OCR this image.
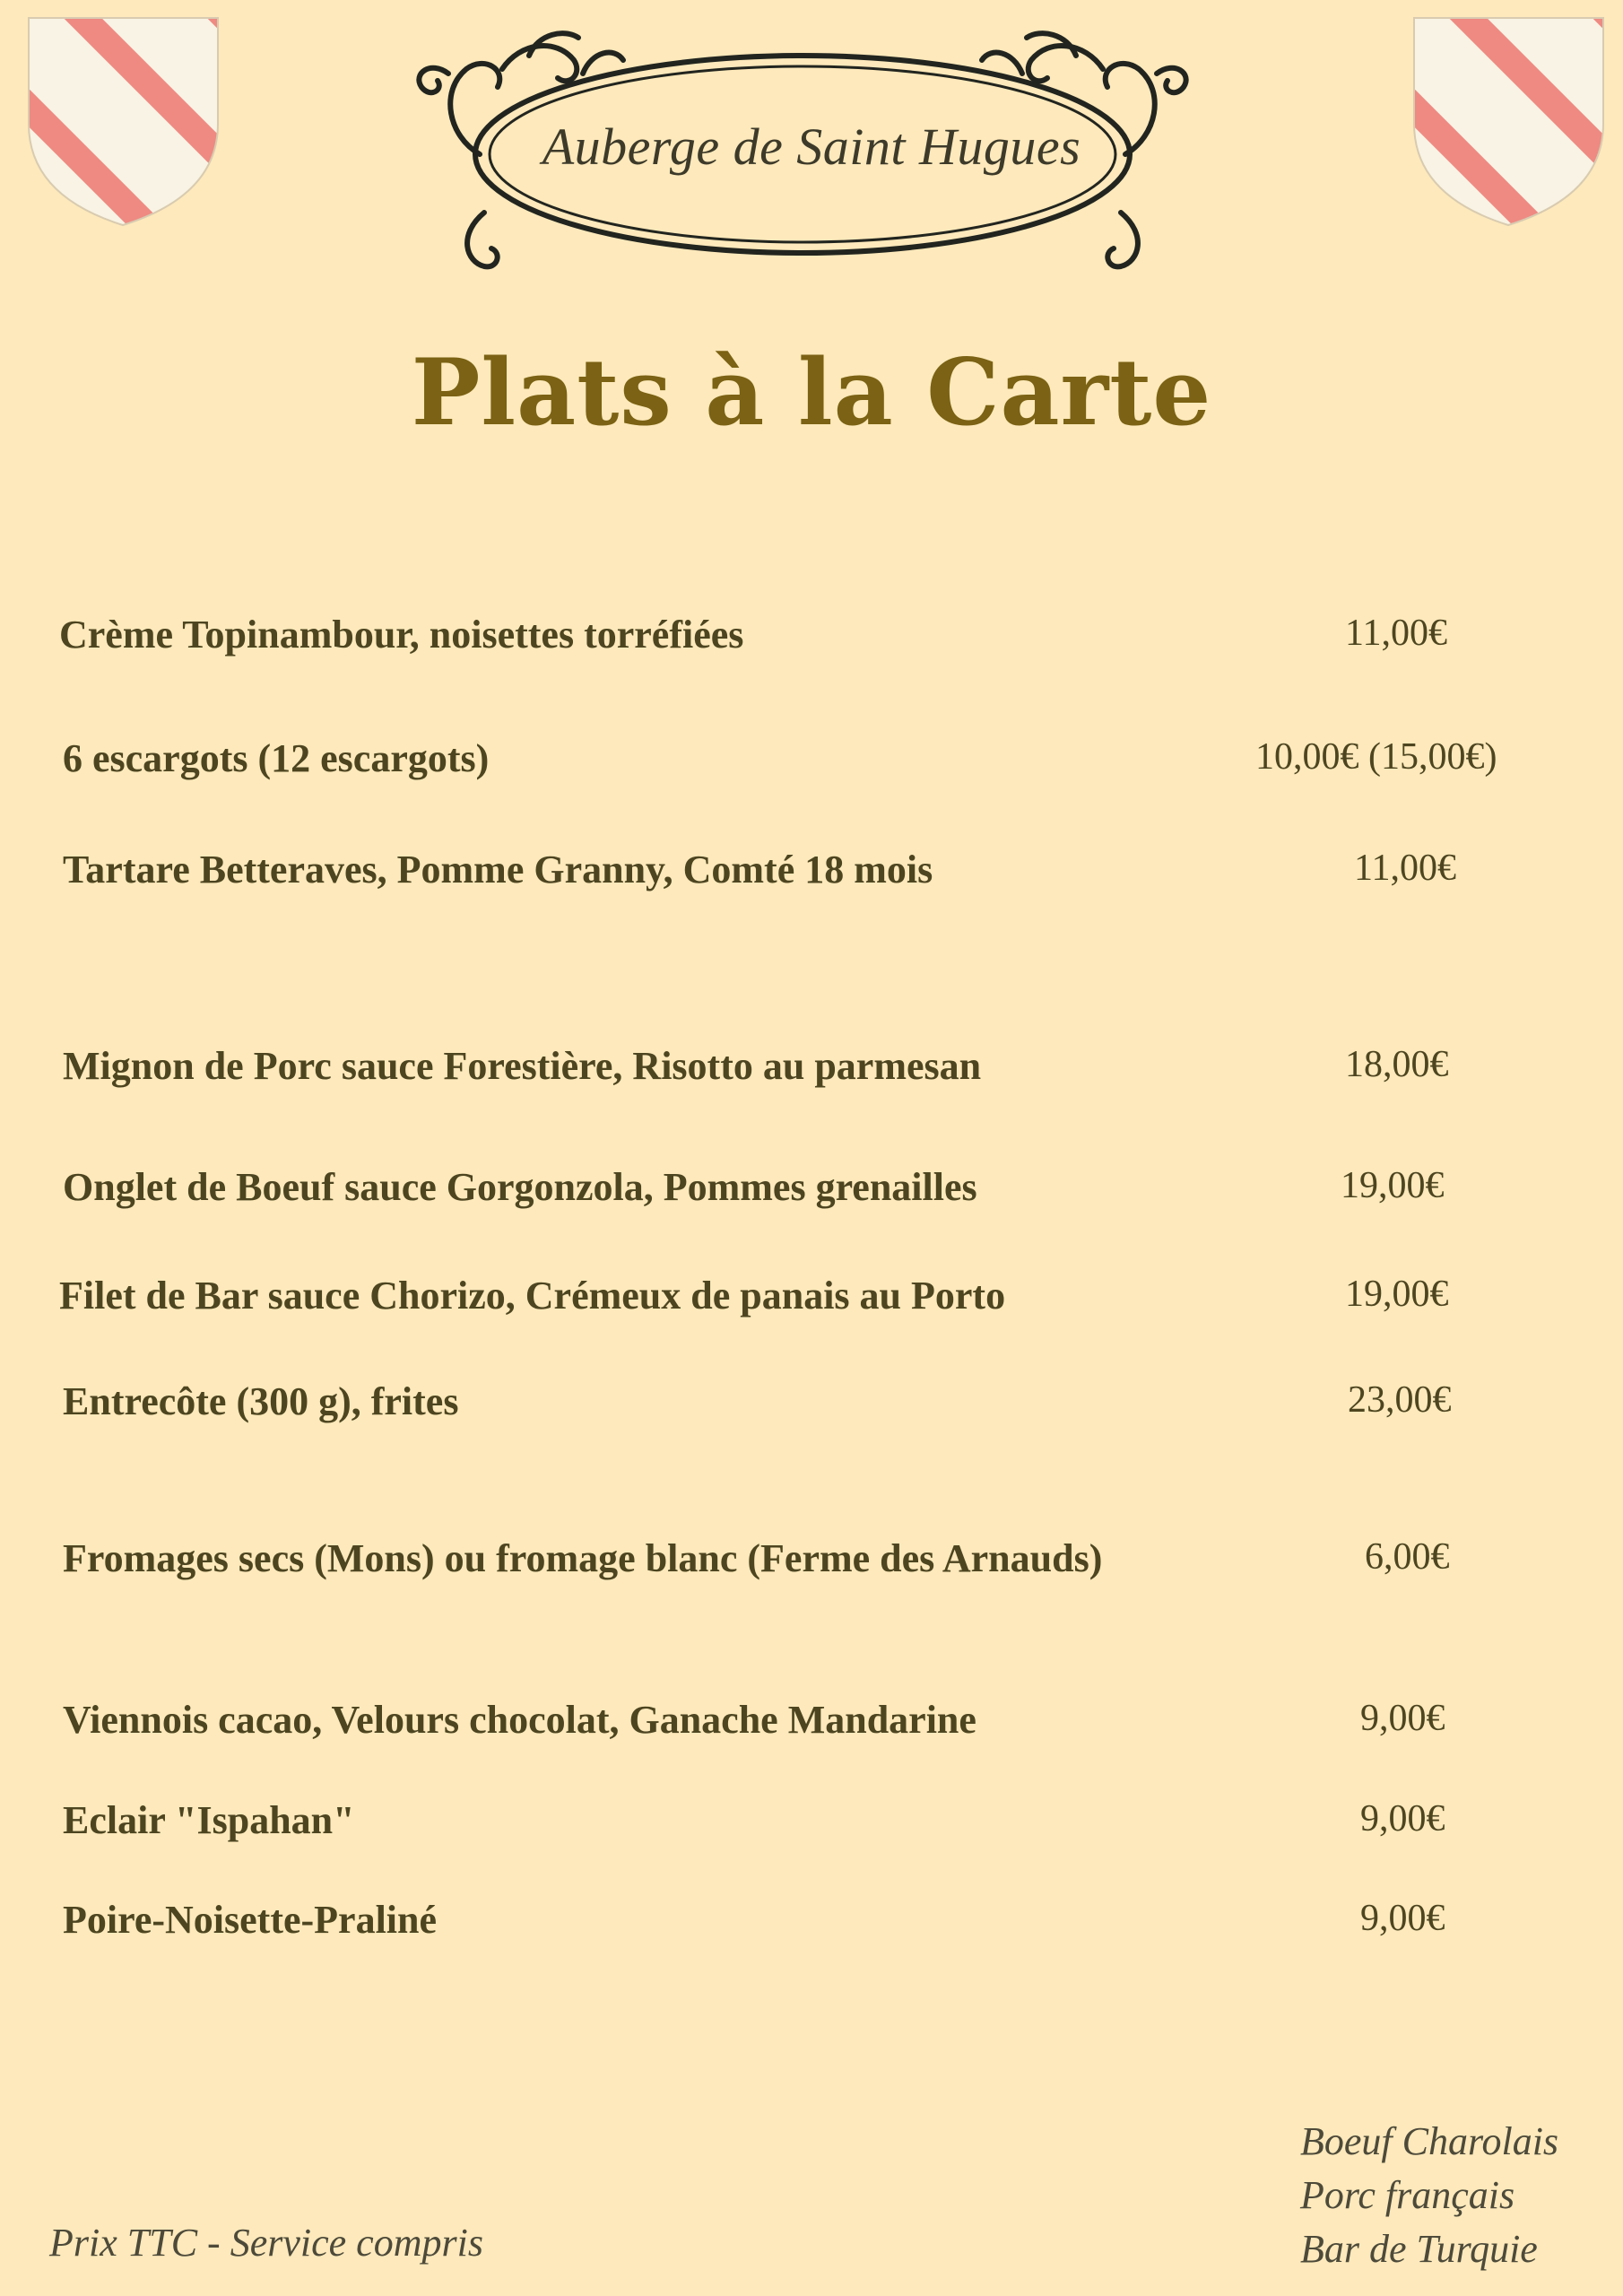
Auberge de Saint Hugues
Plats à la Carte
Crème Topinambour, noisettes torréfiées	11,00€
6 escargots (12 escargots)	10,00€ (15,00€)
Tartare Betteraves, Pomme Granny, Comté 18 mois	11,00€
Mignon de Porc sauce Forestière, Risotto au parmesan	18,00€
Onglet de Boeuf sauce Gorgonzola, Pommes grenailles	19,00€
Filet de Bar sauce Chorizo, Crémeux de panais au Porto	19,00€
Entrecôte (300 g), frites	23,00€
Fromages secs (Mons) ou fromage blanc (Ferme des Arnauds)	6,00€
Viennois cacao, Velours chocolat, Ganache Mandarine	9,00€
Eclair "Ispahan"	9,00€
Poire-Noisette-Praliné	9,00€
Prix TTC - Service compris
Boeuf Charolais
Porc français
Bar de Turquie
